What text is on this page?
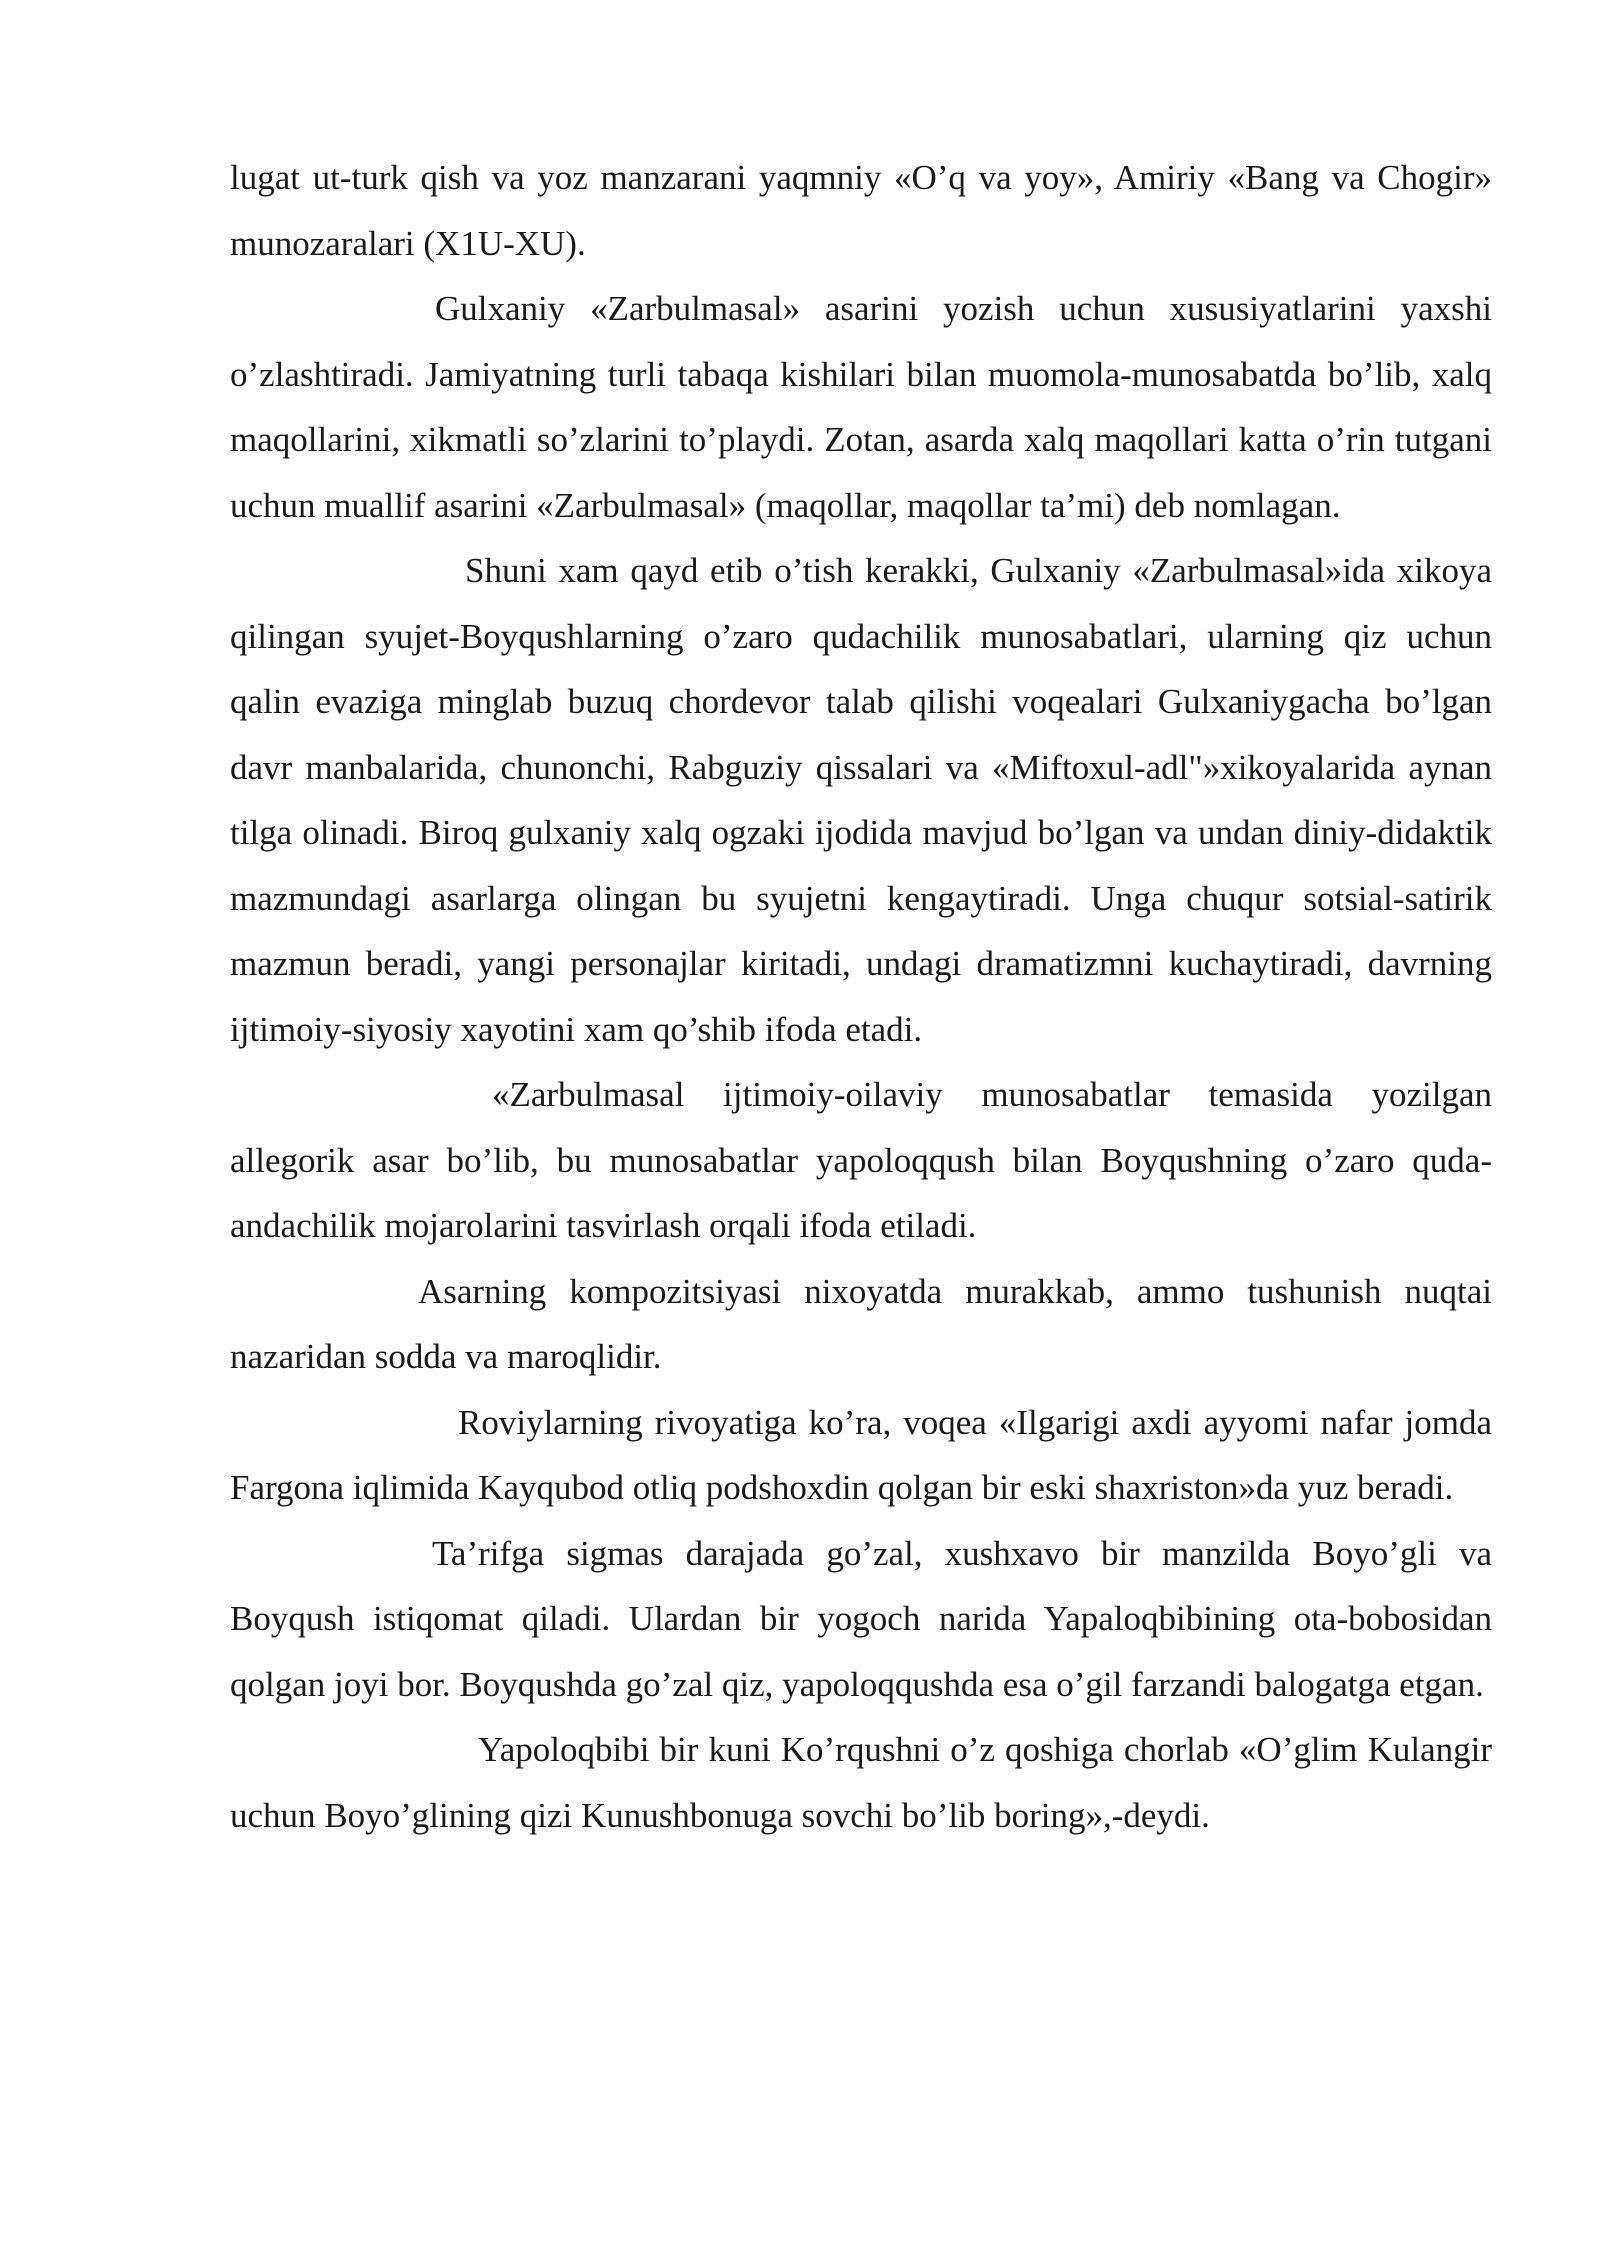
lugat ut-turk qish va yoz manzarani yaqmniy «O’q va yoy», Amiriy «Bang va Chogir» munozaralari (X1U-XU).

Gulxaniy «Zarbulmasal» asarini yozish uchun xususiyatlarini yaxshi o’zlashtiradi. Jamiyatning turli tabaqa kishilari bilan muomola-munosabatda bo’lib, xalq maqollarini, xikmatli so’zlarini to’playdi. Zotan, asarda xalq maqollari katta o’rin tutgani uchun muallif asarini «Zarbulmasal» (maqollar, maqollar ta’mi) deb nomlagan.

Shuni xam qayd etib o’tish kerakki, Gulxaniy «Zarbulmasal»ida xikoya qilingan syujet-Boyqushlarning o’zaro qudachilik munosabatlari, ularning qiz uchun qalin evaziga minglab buzuq chordevor talab qilishi voqealari Gulxaniygacha bo’lgan davr manbalarida, chunonchi, Rabguziy qissalari va «Miftoxul-adl"»xikoyalarida aynan tilga olinadi. Biroq gulxaniy xalq ogzaki ijodida mavjud bo’lgan va undan diniy-didaktik mazmundagi asarlarga olingan bu syujetni kengaytiradi. Unga chuqur sotsial-satirik mazmun beradi, yangi personajlar kiritadi, undagi dramatizmni kuchaytiradi, davrning ijtimoiy-siyosiy xayotini xam qo’shib ifoda etadi.

«Zarbulmasal ijtimoiy-oilaviy munosabatlar temasida yozilgan allegorik asar bo’lib, bu munosabatlar yapoloqqush bilan Boyqushning o’zaro quda-andachilik mojarolarini tasvirlash orqali ifoda etiladi.

Asarning kompozitsiyasi nixoyatda murakkab, ammo tushunish nuqtai nazaridan sodda va maroqlidir.

Roviylarning rivoyatiga ko’ra, voqea «Ilgarigi axdi ayyomi nafar jomda Fargona iqlimida Kayqubod otliq podshoxdin qolgan bir eski shaxriston»da yuz beradi.

Ta’rifga sigmas darajada go’zal, xushxavo bir manzilda Boyo’gli va Boyqush istiqomat qiladi. Ulardan bir yogoch narida Yapaloqbibining ota-bobosidan qolgan joyi bor. Boyqushda go’zal qiz, yapoloqqushda esa o’gil farzandi balogatga etgan.

Yapoloqbibi bir kuni Ko’rqushni o’z qoshiga chorlab «O’glim Kulangir uchun Boyo’glining qizi Kunushbonuga sovchi bo’lib boring»,-deydi.
